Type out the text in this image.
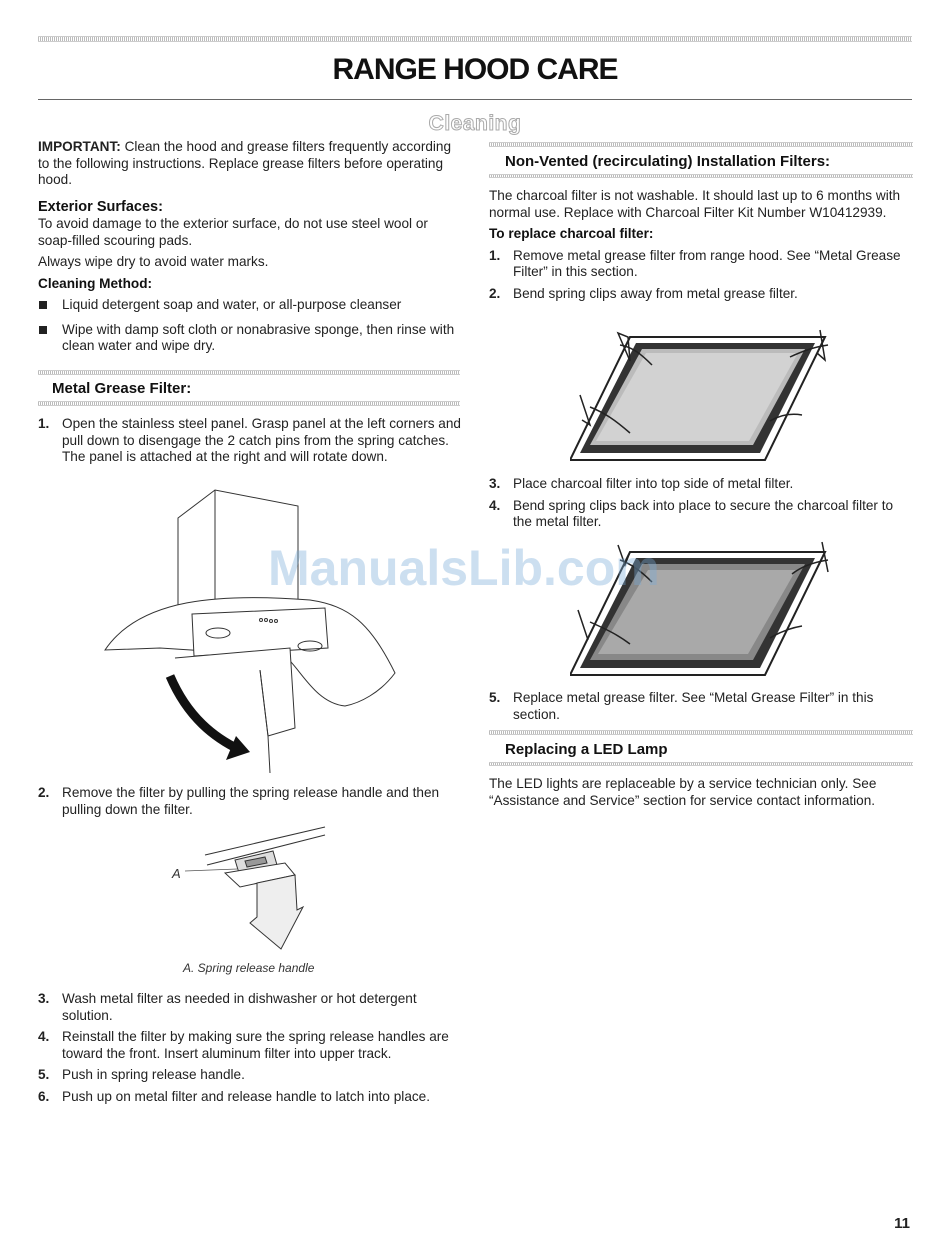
RANGE HOOD CARE
Cleaning

IMPORTANT: Clean the hood and grease filters frequently according to the following instructions. Replace grease filters before operating hood.

Exterior Surfaces:

To avoid damage to the exterior surface, do not use steel wool or soap-filled scouring pads.

Always wipe dry to avoid water marks.

Cleaning Method:
Liquid detergent soap and water, or all-purpose cleanser
Wipe with damp soft cloth or nonabrasive sponge, then rinse with clean water and wipe dry.
Metal Grease Filter:
1. Open the stainless steel panel. Grasp panel at the left corners and pull down to disengage the 2 catch pins from the spring catches. The panel is attached at the right and will rotate down.
2. Remove the filter by pulling the spring release handle and then pulling down the filter.
A
A. Spring release handle
3. Wash metal filter as needed in dishwasher or hot detergent solution.
4. Reinstall the filter by making sure the spring release handles are toward the front. Insert aluminum filter into upper track.
5. Push in spring release handle.
6. Push up on metal filter and release handle to latch into place.
Non-Vented (recirculating) Installation Filters:

The charcoal filter is not washable. It should last up to 6 months with normal use. Replace with Charcoal Filter Kit Number W10412939.

To replace charcoal filter:
1. Remove metal grease filter from range hood. See “Metal Grease Filter” in this section.
2. Bend spring clips away from metal grease filter.
3. Place charcoal filter into top side of metal filter.
4. Bend spring clips back into place to secure the charcoal filter to the metal filter.
5. Replace metal grease filter. See “Metal Grease Filter” in this section.
Replacing a LED Lamp
The LED lights are replaceable by a service technician only. See “Assistance and Service” section for service contact information.
ManualsLib.com
11
